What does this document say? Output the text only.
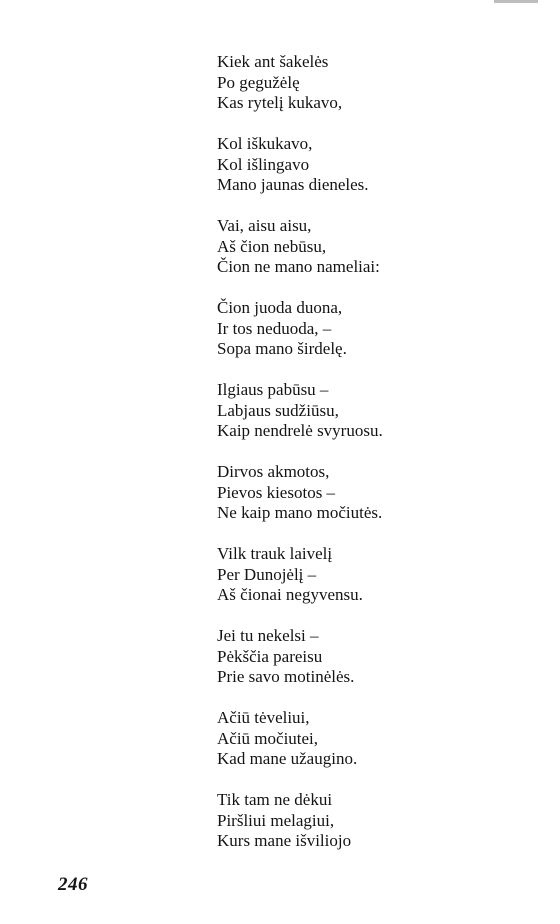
Kiek ant šakelės
Po gegužėlę
Kas rytelį kukavo,
Kol iškukavo,
Kol išlingavo
Mano jaunas dieneles.
Vai, aisu aisu,
Aš čion nebūsu,
Čion ne mano nameliai:
Čion juoda duona,
Ir tos neduoda, –
Sopa mano širdelę.
Ilgiaus pabūsu –
Labjaus sudžiūsu,
Kaip nendrelė svyruosu.
Dirvos akmotos,
Pievos kiesotos –
Ne kaip mano močiutės.
Vilk trauk laivelį
Per Dunojėlį –
Aš čionai negyvensu.
Jei tu nekelsi –
Pėkščia pareisu
Prie savo motinėlės.
Ačiū tėveliui,
Ačiū močiutei,
Kad mane užaugino.
Tik tam ne dėkui
Piršliui melagiui,
Kurs mane išviliojo
246
